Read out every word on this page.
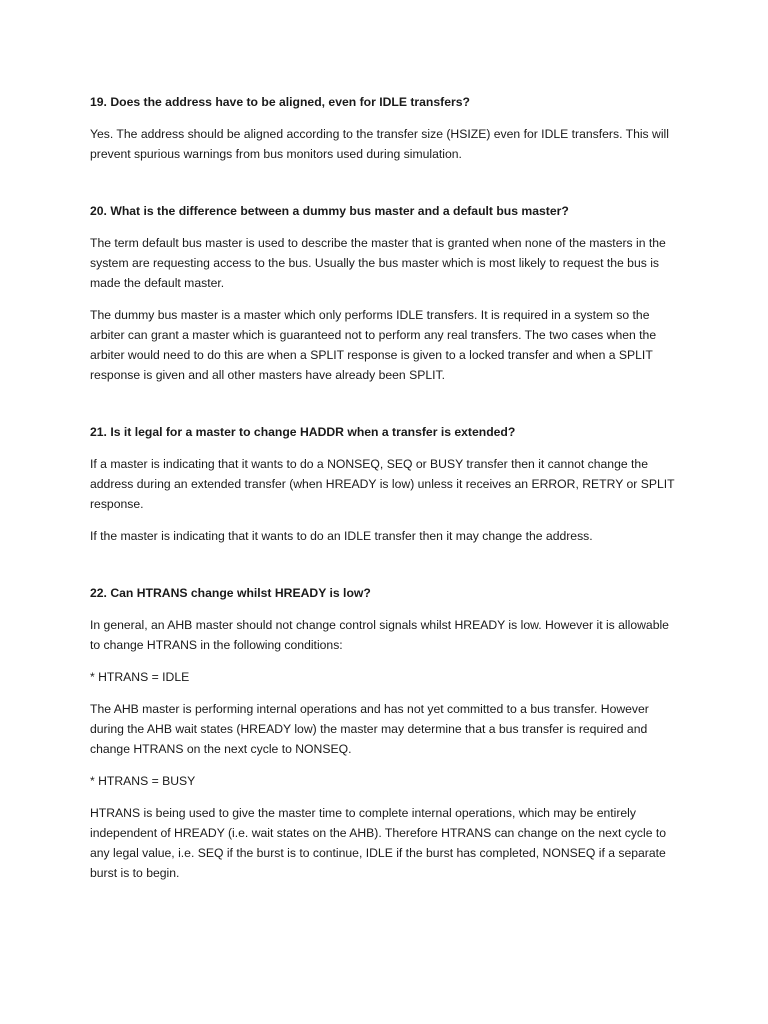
19. Does the address have to be aligned, even for IDLE transfers?
Yes. The address should be aligned according to the transfer size (HSIZE) even for IDLE transfers. This will prevent spurious warnings from bus monitors used during simulation.
20. What is the difference between a dummy bus master and a default bus master?
The term default bus master is used to describe the master that is granted when none of the masters in the system are requesting access to the bus. Usually the bus master which is most likely to request the bus is made the default master.
The dummy bus master is a master which only performs IDLE transfers. It is required in a system so the arbiter can grant a master which is guaranteed not to perform any real transfers. The two cases when the arbiter would need to do this are when a SPLIT response is given to a locked transfer and when a SPLIT response is given and all other masters have already been SPLIT.
21. Is it legal for a master to change HADDR when a transfer is extended?
If a master is indicating that it wants to do a NONSEQ, SEQ or BUSY transfer then it cannot change the address during an extended transfer (when HREADY is low) unless it receives an ERROR, RETRY or SPLIT response.
If the master is indicating that it wants to do an IDLE transfer then it may change the address.
22. Can HTRANS change whilst HREADY is low?
In general, an AHB master should not change control signals whilst HREADY is low. However it is allowable to change HTRANS in the following conditions:
* HTRANS = IDLE
The AHB master is performing internal operations and has not yet committed to a bus transfer. However during the AHB wait states (HREADY low) the master may determine that a bus transfer is required and change HTRANS on the next cycle to NONSEQ.
* HTRANS = BUSY
HTRANS is being used to give the master time to complete internal operations, which may be entirely independent of HREADY (i.e. wait states on the AHB). Therefore HTRANS can change on the next cycle to any legal value, i.e. SEQ if the burst is to continue, IDLE if the burst has completed, NONSEQ if a separate burst is to begin.
